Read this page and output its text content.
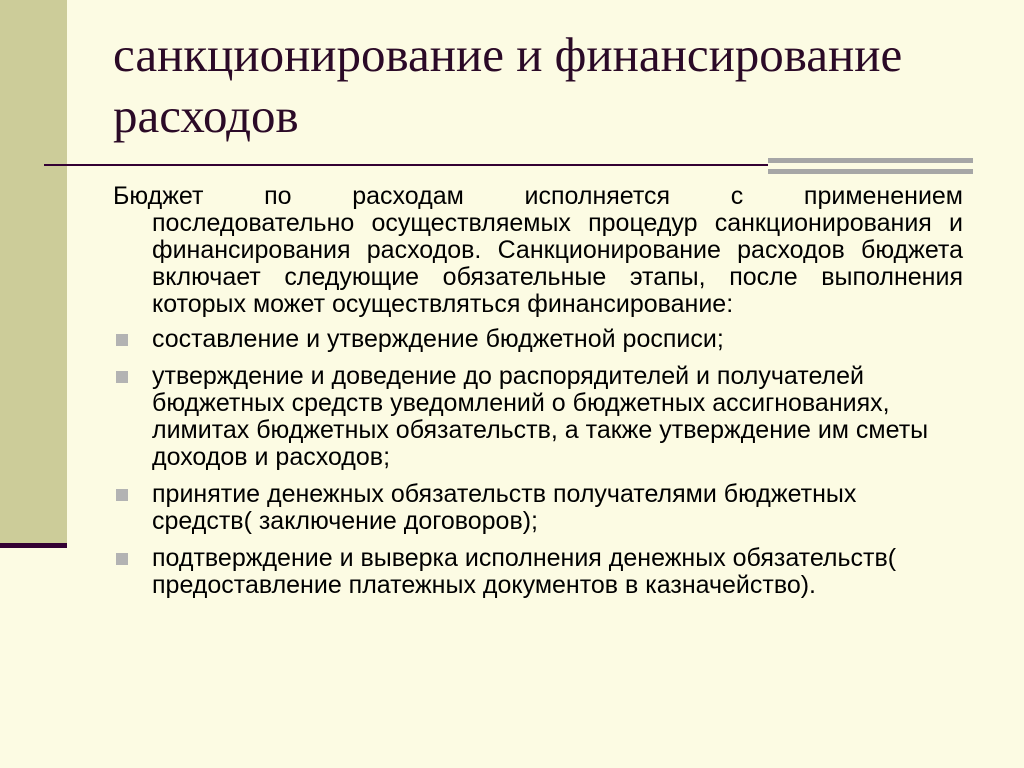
санкционирование и финансирование расходов

Бюджет по расходам исполняется с применением
последовательно осуществляемых процедур санкционирования и финансирования расходов. Санкционирование расходов бюджета включает следующие обязательные этапы, после выполнения которых может осуществляться финансирование:

составление и утверждение бюджетной росписи;
утверждение и доведение до распорядителей и получателей бюджетных средств уведомлений о бюджетных ассигнованиях, лимитах бюджетных обязательств, а также утверждение им сметы доходов и расходов;
принятие денежных обязательств получателями бюджетных средств( заключение договоров);
подтверждение и выверка исполнения денежных обязательств( предоставление платежных документов в казначейство).
